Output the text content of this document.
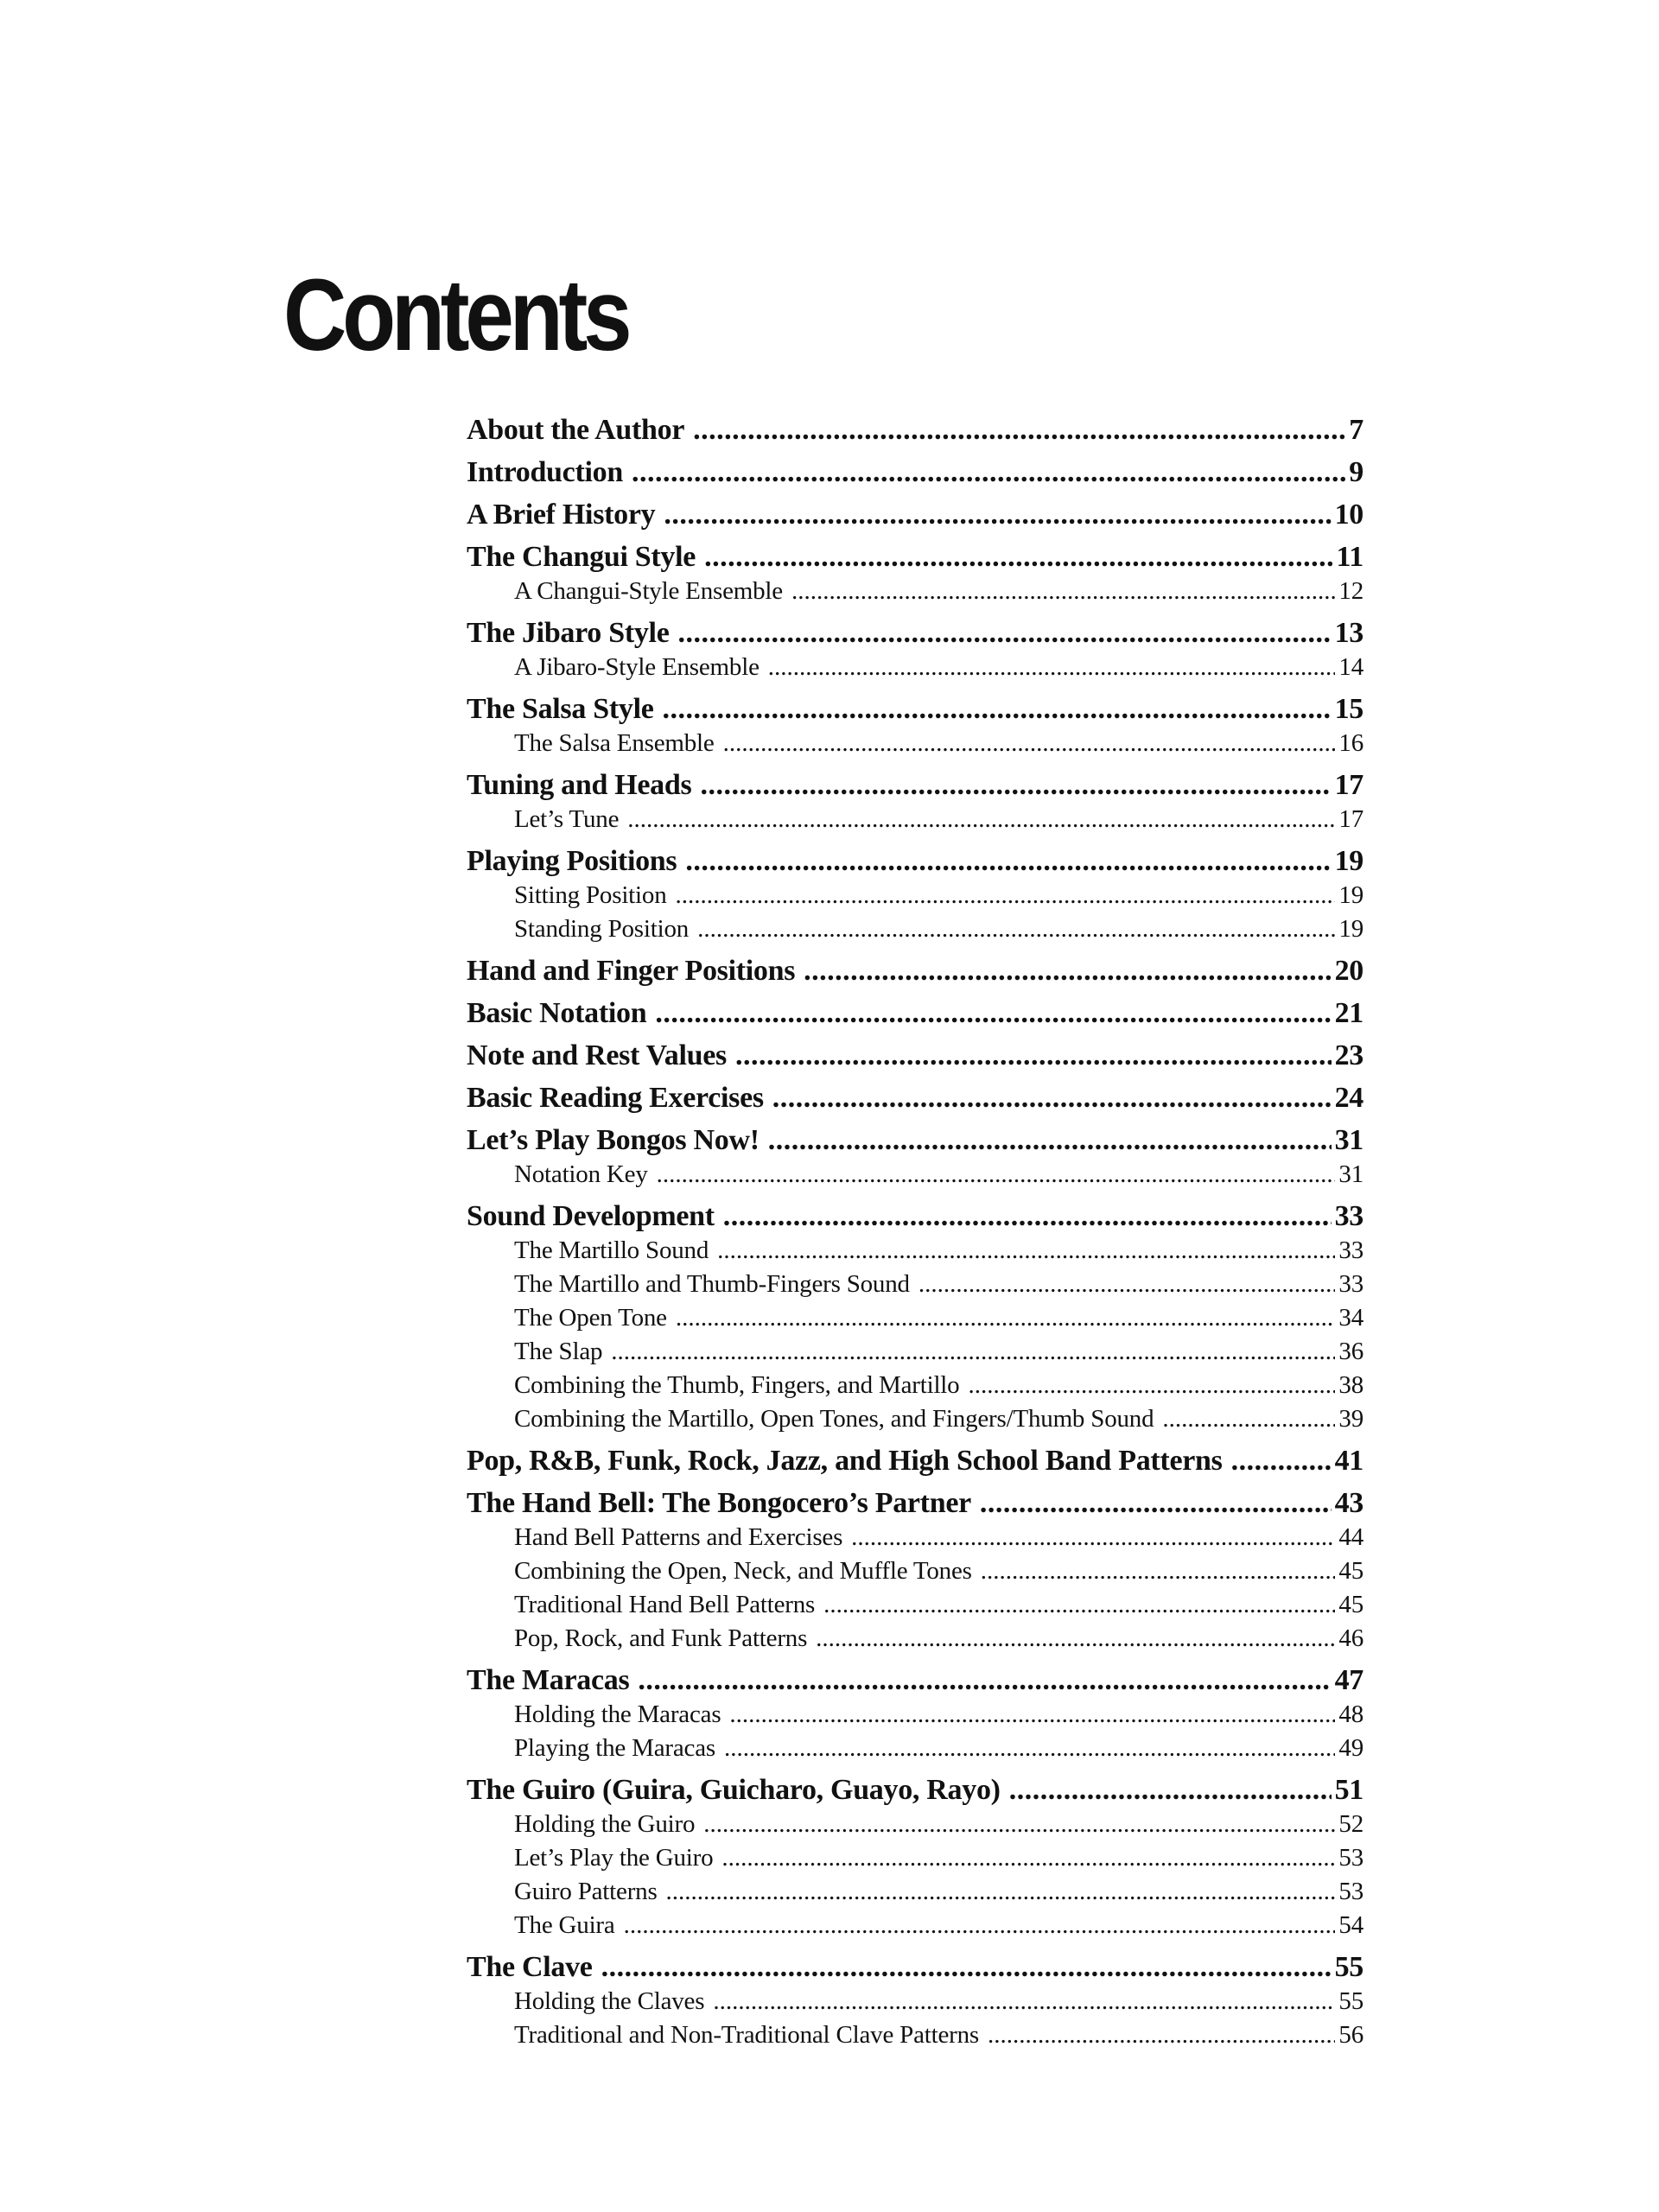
Contents
About the Author .....	7
Introduction .....	9
A Brief History .....	10
The Changui Style .....	11
A Changui-Style Ensemble .....	12
The Jibaro Style .....	13
A Jibaro-Style Ensemble .....	14
The Salsa Style .....	15
The Salsa Ensemble .....	16
Tuning and Heads .....	17
Let’s Tune .....	17
Playing Positions .....	19
Sitting Position .....	19
Standing Position .....	19
Hand and Finger Positions .....	20
Basic Notation .....	21
Note and Rest Values .....	23
Basic Reading Exercises .....	24
Let’s Play Bongos Now! .....	31
Notation Key .....	31
Sound Development .....	33
The Martillo Sound .....	33
The Martillo and Thumb-Fingers Sound .....	33
The Open Tone .....	34
The Slap .....	36
Combining the Thumb, Fingers, and Martillo .....	38
Combining the Martillo, Open Tones, and Fingers/Thumb Sound .....	39
Pop, R&B, Funk, Rock, Jazz, and High School Band Patterns .....	41
The Hand Bell: The Bongocero’s Partner .....	43
Hand Bell Patterns and Exercises .....	44
Combining the Open, Neck, and Muffle Tones .....	45
Traditional Hand Bell Patterns .....	45
Pop, Rock, and Funk Patterns .....	46
The Maracas .....	47
Holding the Maracas .....	48
Playing the Maracas .....	49
The Guiro (Guira, Guicharo, Guayo, Rayo) .....	51
Holding the Guiro .....	52
Let’s Play the Guiro .....	53
Guiro Patterns .....	53
The Guira .....	54
The Clave .....	55
Holding the Claves .....	55
Traditional and Non-Traditional Clave Patterns .....	56
